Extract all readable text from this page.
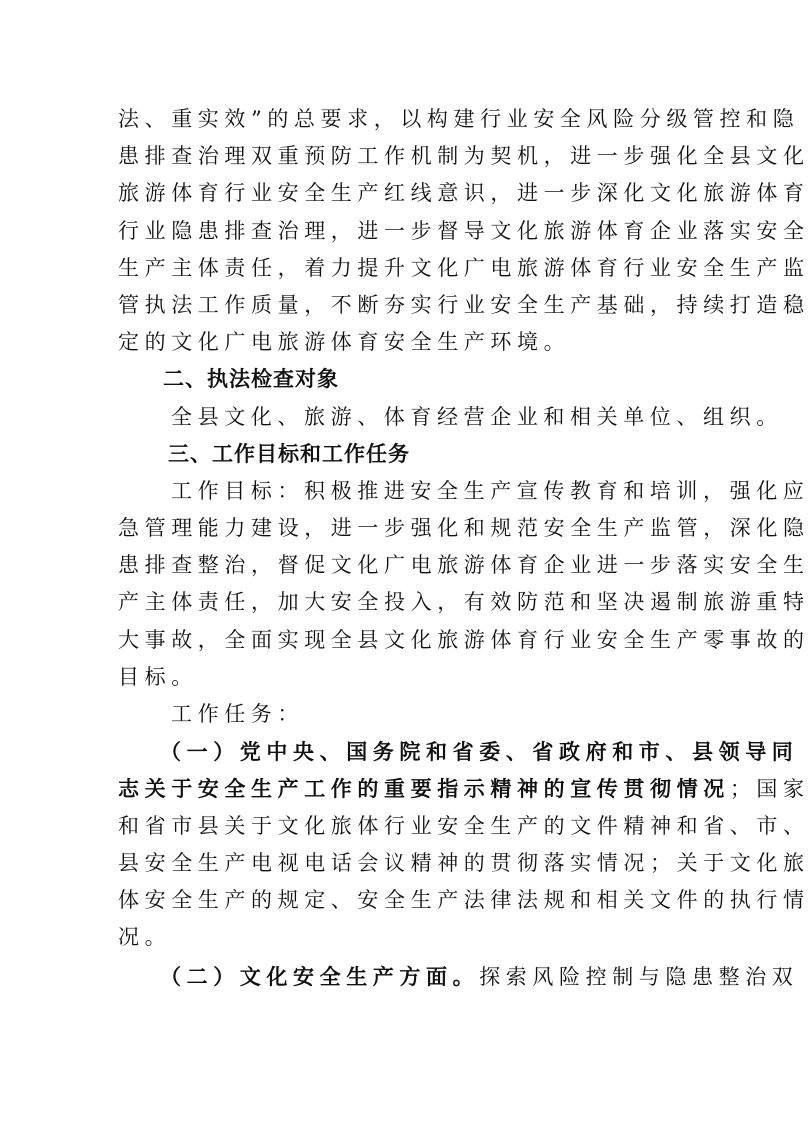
法、重实效”的总要求，以构建行业安全风险分级管控和隐
患排查治理双重预防工作机制为契机，进一步强化全县文化
旅游体育行业安全生产红线意识，进一步深化文化旅游体育
行业隐患排查治理，进一步督导文化旅游体育企业落实安全
生产主体责任，着力提升文化广电旅游体育行业安全生产监
管执法工作质量，不断夯实行业安全生产基础，持续打造稳
定的文化广电旅游体育安全生产环境。
二、执法检查对象
全县文化、旅游、体育经营企业和相关单位、组织。
三、工作目标和工作任务
工作目标：积极推进安全生产宣传教育和培训，强化应
急管理能力建设，进一步强化和规范安全生产监管，深化隐
患排查整治，督促文化广电旅游体育企业进一步落实安全生
产主体责任，加大安全投入，有效防范和坚决遏制旅游重特
大事故，全面实现全县文化旅游体育行业安全生产零事故的
目标。
工作任务：
（一）党中央、国务院和省委、省政府和市、县领导同
志关于安全生产工作的重要指示精神的宣传贯彻情况；国家
和省市县关于文化旅体行业安全生产的文件精神和省、市、
县安全生产电视电话会议精神的贯彻落实情况；关于文化旅
体安全生产的规定、安全生产法律法规和相关文件的执行情
况。
（二）文化安全生产方面。探索风险控制与隐患整治双
